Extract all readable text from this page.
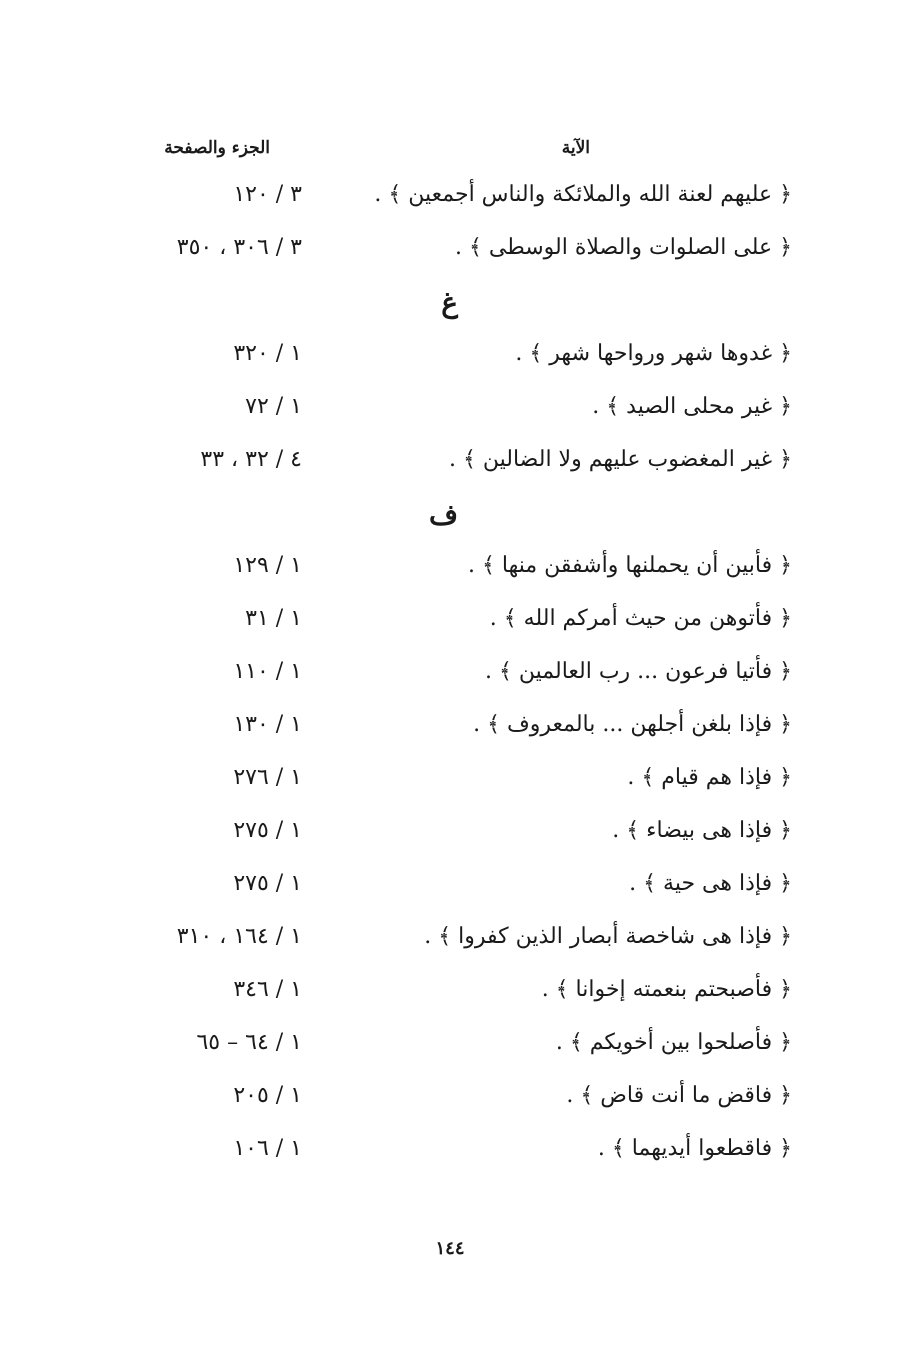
الآية
الجزء والصفحة
﴿ عليهم لعنة الله والملائكة والناس أجمعين ﴾ .
٣ / ١٢٠
﴿ على الصلوات والصلاة الوسطى ﴾ .
٣ / ٣٠٦ ، ٣٥٠
غ
﴿ غدوها شهر ورواحها شهر ﴾ .
١ / ٣٢٠
﴿ غير محلى الصيد ﴾ .
١ / ٧٢
﴿ غير المغضوب عليهم ولا الضالين ﴾ .
٤ / ٣٢ ، ٣٣
ف
﴿ فأبين أن يحملنها وأشفقن منها ﴾ .
١ / ١٢٩
﴿ فأتوهن من حيث أمركم الله ﴾ .
١ / ٣١
﴿ فأتيا فرعون ... رب العالمين ﴾ .
١ / ١١٠
﴿ فإذا بلغن أجلهن ... بالمعروف ﴾ .
١ / ١٣٠
﴿ فإذا هم قيام ﴾ .
١ / ٢٧٦
﴿ فإذا هى بيضاء ﴾ .
١ / ٢٧٥
﴿ فإذا هى حية ﴾ .
١ / ٢٧٥
﴿ فإذا هى شاخصة أبصار الذين كفروا ﴾ .
١ / ١٦٤ ، ٣١٠
﴿ فأصبحتم بنعمته إخوانا ﴾ .
١ / ٣٤٦
﴿ فأصلحوا بين أخويكم ﴾ .
١ / ٦٤ – ٦٥
﴿ فاقض ما أنت قاض ﴾ .
١ / ٢٠٥
﴿ فاقطعوا أيديهما ﴾ .
١ / ١٠٦
١٤٤
